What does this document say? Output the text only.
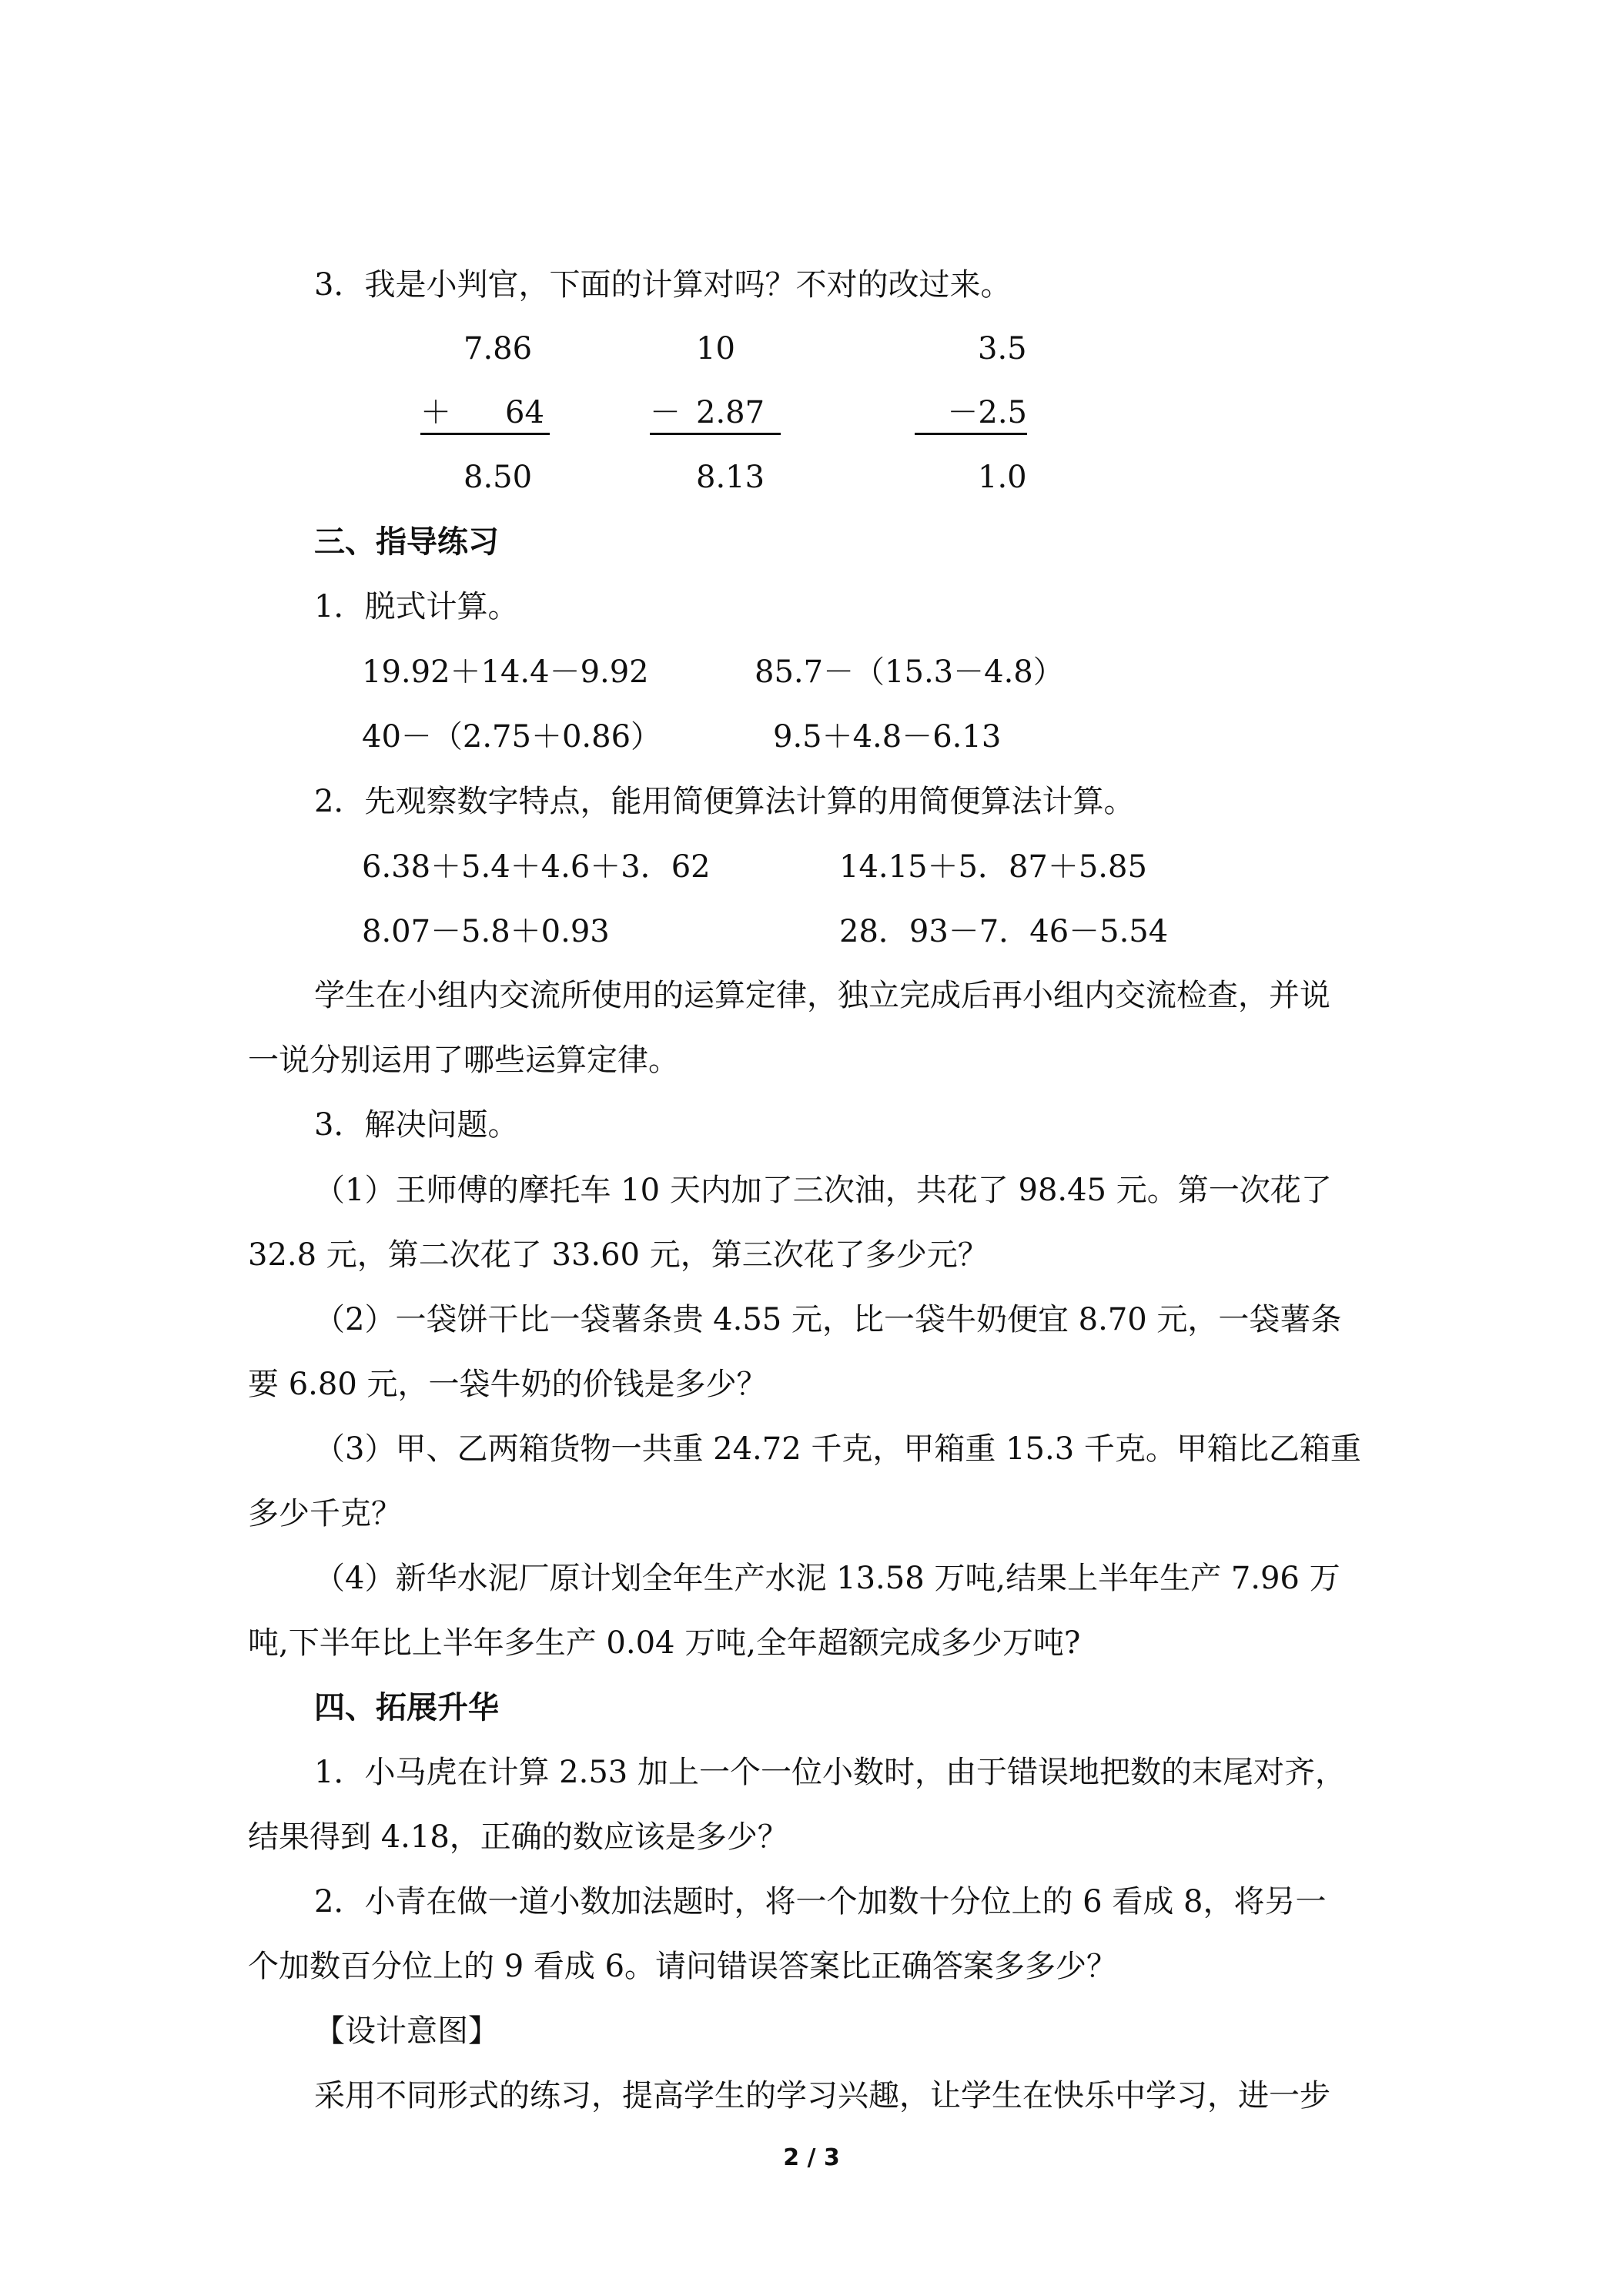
3．我是小判官，下面的计算对吗？不对的改过来。
7.86
＋ 64
8.50
10
－ 2.87
8.13
3.5
－2.5
1.0
三、指导练习
1．脱式计算。
19.92＋14.4－9.92	85.7－（15.3－4.8）
40－（2.75＋0.86）	9.5＋4.8－6.13
2．先观察数字特点，能用简便算法计算的用简便算法计算。
6.38＋5.4＋4.6＋3．62	14.15＋5．87＋5.85
8.07－5.8＋0.93	28．93－7．46－5.54
学生在小组内交流所使用的运算定律，独立完成后再小组内交流检查，并说
一说分别运用了哪些运算定律。
3．解决问题。
（1）王师傅的摩托车 10 天内加了三次油，共花了 98.45 元。第一次花了
32.8 元，第二次花了 33.60 元，第三次花了多少元？
（2）一袋饼干比一袋薯条贵 4.55 元，比一袋牛奶便宜 8.70 元，一袋薯条
要 6.80 元，一袋牛奶的价钱是多少？
（3）甲、乙两箱货物一共重 24.72 千克，甲箱重 15.3 千克。甲箱比乙箱重
多少千克？
（4）新华水泥厂原计划全年生产水泥 13.58 万吨,结果上半年生产 7.96 万
吨,下半年比上半年多生产 0.04 万吨,全年超额完成多少万吨?
四、拓展升华
1．小马虎在计算 2.53 加上一个一位小数时，由于错误地把数的末尾对齐，
结果得到 4.18，正确的数应该是多少？
2．小青在做一道小数加法题时，将一个加数十分位上的 6 看成 8，将另一
个加数百分位上的 9 看成 6。请问错误答案比正确答案多多少？
【设计意图】
采用不同形式的练习，提高学生的学习兴趣，让学生在快乐中学习，进一步
2 / 3
